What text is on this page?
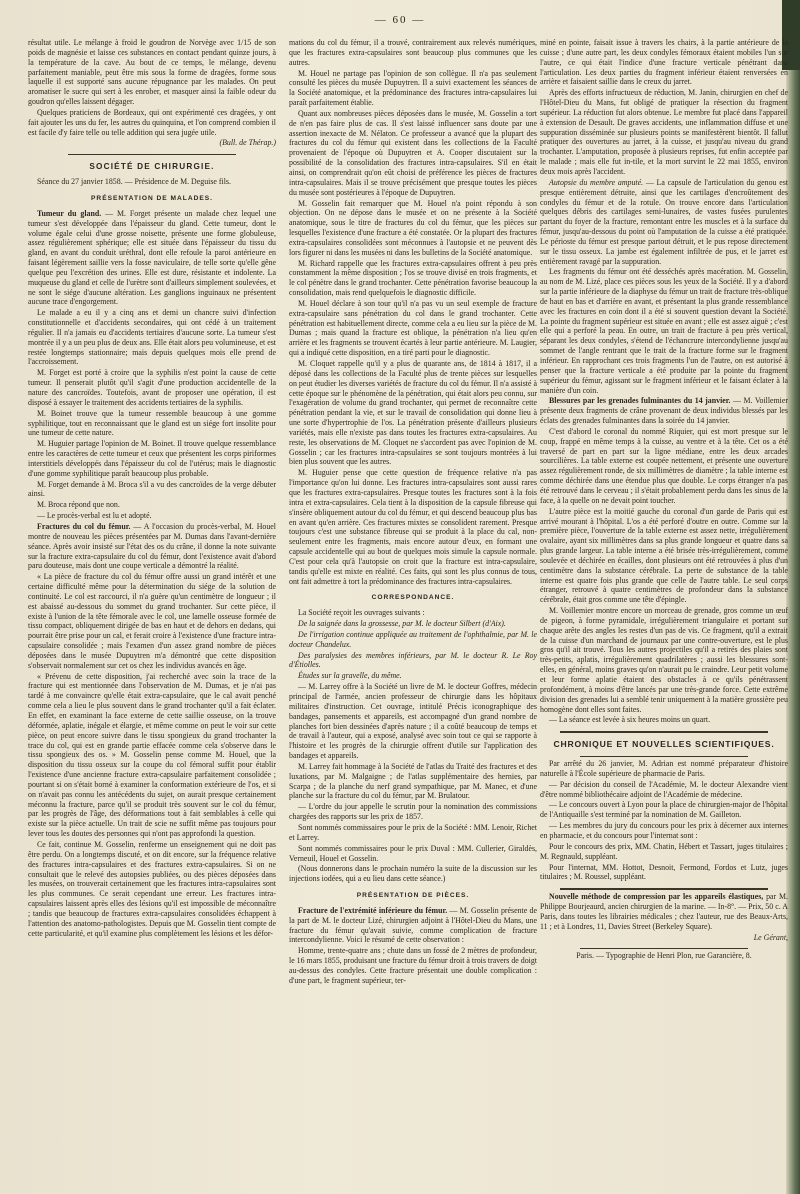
— 60 —

résultat utile. Le mélange à froid le goudron de Norvège avec 1/15 de son poids de magnésie et laisse ces substances en contact pendant quinze jours, à la température de la cave. Au bout de ce temps, le mélange, devenu parfaitement maniable, peut être mis sous la forme de dragées, forme sous laquelle il est supporté sans aucune répugnance par les malades. On peut aromatiser le sucre qui sert à les enrober, et masquer ainsi la faible odeur du goudron qu'elles laissent dégager.

Quelques praticiens de Bordeaux, qui ont expérimenté ces dragées, y ont fait ajouter les uns du fer, les autres du quinquina, et l'on comprend combien il est facile d'y faire telle ou telle addition qui sera jugée utile.

(Bull. de Thérap.)

SOCIÉTÉ DE CHIRURGIE.

Séance du 27 janvier 1858. — Présidence de M. Deguise fils.

PRÉSENTATION DE MALADES.

Tumeur du gland. — M. Forget présente un malade chez lequel une tumeur s'est développée dans l'épaisseur du gland. Cette tumeur, dont le volume égale celui d'une grosse noisette, présente une forme globuleuse, assez régulièrement sphérique; elle est située dans l'épaisseur du tissu du gland, en avant du conduit uréthral, dont elle refoule la paroi antérieure en faisant légèrement saillie vers la fosse naviculaire, de telle sorte qu'elle gêne quelque peu l'excrétion des urines. Elle est dure, résistante et indolente. La muqueuse du gland et celle de l'urètre sont d'ailleurs simplement soulevées, et ne sont le siége d'aucune altération. Les ganglions inguinaux ne présentent aucune trace d'engorgement.

Le malade a eu il y a cinq ans et demi un chancre suivi d'infection constitutionnelle et d'accidents secondaires, qui ont cédé à un traitement régulier. Il n'a jamais eu d'accidents tertiaires d'aucune sorte. La tumeur s'est montrée il y a un peu plus de deux ans. Elle était alors peu volumineuse, et est restée longtemps stationnaire; mais depuis quelques mois elle prend de l'accroissement.

M. Forget est porté à croire que la syphilis n'est point la cause de cette tumeur. Il penserait plutôt qu'il s'agit d'une production accidentelle de la nature des cancroïdes. Toutefois, avant de proposer une opération, il est disposé à essayer le traitement des accidents tertiaires de la syphilis.

M. Boinet trouve que la tumeur ressemble beaucoup à une gomme syphilitique, tout en reconnaissant que le gland est un siége fort insolite pour une tumeur de cette nature.

M. Huguier partage l'opinion de M. Boinet. Il trouve quelque ressemblance entre les caractères de cette tumeur et ceux que présentent les corps piriformes interstitiels développés dans l'épaisseur du col de l'utérus; mais le diagnostic d'une gomme syphilitique paraît beaucoup plus probable.

M. Forget demande à M. Broca s'il a vu des cancroïdes de la verge débuter ainsi.

M. Broca répond que non.

— Le procès-verbal est lu et adopté.

Fractures du col du fémur. — A l'occasion du procès-verbal, M. Houel montre de nouveau les pièces présentées par M. Dumas dans l'avant-dernière séance. Après avoir insisté sur l'état des os du crâne, il donne la note suivante sur la fracture extra-capsulaire du col du fémur, dont l'existence avait d'abord paru douteuse, mais dont une coupe verticale a démontré la réalité.

« La pièce de fracture du col du fémur offre aussi un grand intérêt et une certaine difficulté même pour la détermination du siége de la solution de continuité. Le col est raccourci, il n'a guère qu'un centimètre de longueur ; il est abaissé au-dessous du sommet du grand trochanter. Sur cette pièce, il existe à l'union de la tête fémorale avec le col, une lamelle osseuse formée de tissu compact, obliquement dirigée de bas en haut et de dehors en dedans, qui pourrait être prise pour un cal, et ferait croire à l'existence d'une fracture intra-capsulaire consolidée ; mais l'examen d'un assez grand nombre de pièces déposées dans le musée Dupuytren m'a démontré que cette disposition s'observait normalement sur cet os chez les individus avancés en âge.

« Prévenu de cette disposition, j'ai recherché avec soin la trace de la fracture qui est mentionnée dans l'observation de M. Dumas, et je n'ai pas tardé à me convaincre qu'elle était extra-capsulaire, que le cal avait penché comme cela a lieu le plus souvent dans le grand trochanter qu'il a fait éclater. En effet, en examinant la face externe de cette saillie osseuse, on la trouve déformée, aplatie, inégale et élargie, et même comme on peut le voir sur cette pièce, on peut encore suivre dans le tissu spongieux du grand trochanter la trace du col, qui est en grande partie effacée comme cela s'observe dans le tissu spongieux des os. » M. Gosselin pense comme M. Houel, que la disposition du tissu osseux sur la coupe du col fémoral suffit pour établir l'existence d'une ancienne fracture extra-capsulaire parfaitement consolidée ; pourtant si on s'était borné à examiner la conformation extérieure de l'os, et si on n'avait pas connu les antécédents du sujet, on aurait presque certainement méconnu la fracture, parce qu'il se produit très souvent sur le col du fémur, par les progrès de l'âge, des déformations tout à fait semblables à celle qui existe sur la pièce actuelle. Un trait de scie ne suffit même pas toujours pour lever tous les doutes des personnes qui n'ont pas approfondi la question.

Ce fait, continue M. Gosselin, renferme un enseignement qui ne doit pas être perdu. On a longtemps discuté, et on dit encore, sur la fréquence relative des fractures intra-capsulaires et des fractures extra-capsulaires. Si on ne consultait que le relevé des autopsies publiées, ou des pièces déposées dans les musées, on trouverait certainement que les fractures intra-capsulaires sont les plus communes. Ce serait cependant une erreur. Les fractures intra-capsulaires laissent après elles des lésions qu'il est impossible de méconnaître ; tandis que beaucoup de fractures extra-capsulaires consolidées échappent à l'attention des anatomo-pathologistes. Depuis que M. Gosselin tient compte de cette particularité, et qu'il examine plus complètement les lésions et les défor-

mations du col du fémur, il a trouvé, contrairement aux relevés numériques, que les fractures extra-capsulaires sont beaucoup plus communes que les autres.

M. Houel ne partage pas l'opinion de son collègue. Il n'a pas seulement consulté les pièces du musée Dupuytren. Il a suivi exactement les séances de la Société anatomique, et la prédominance des fractures intra-capsulaires lui paraît parfaitement établie.

Quant aux nombreuses pièces déposées dans le musée, M. Gosselin a tort de n'en pas faire plus de cas. Il s'est laissé influencer sans doute par une assertion inexacte de M. Nélaton. Ce professeur a avancé que la plupart des fractures du col du fémur qui existent dans les collections de la Faculté provenaient de l'époque où Dupuytren et A. Cooper discutaient sur la possibilité de la consolidation des fractures intra-capsulaires. S'il en était ainsi, on comprendrait qu'on eût choisi de préférence les pièces de fractures intra-capsulaires. Mais il se trouve précisément que presque toutes les pièces du musée sont postérieures à l'époque de Dupuytren.

M. Gosselin fait remarquer que M. Houel n'a point répondu à son objection. On ne dépose dans le musée et on ne présente à la Société anatomique, sous le titre de fractures du col du fémur, que les pièces sur lesquelles l'existence d'une fracture a été constatée. Or la plupart des fractures extra-capsulaires consolidées sont méconnues à l'autopsie et ne peuvent dès lors figurer ni dans les musées ni dans les bulletins de la Société anatomique.

M. Richard rappelle que les fractures extra-capsulaires offrent à peu près constamment la même disposition ; l'os se trouve divisé en trois fragments, et le col pénètre dans le grand trochanter. Cette pénétration favorise beaucoup la consolidation, mais rend quelquefois le diagnostic difficile.

M. Houel déclare à son tour qu'il n'a pas vu un seul exemple de fracture extra-capsulaire sans pénétration du col dans le grand trochanter. Cette pénétration est habituellement directe, comme cela a eu lieu sur la pièce de M. Dumas ; mais quand la fracture est oblique, la pénétration n'a lieu qu'en arrière et les fragments se trouvent écartés à leur partie antérieure. M. Laugier, qui a indiqué cette disposition, en a tiré parti pour le diagnostic.

M. Cloquet rappelle qu'il y a plus de quarante ans, de 1814 à 1817, il a déposé dans les collections de la Faculté plus de trente pièces sur lesquelles on peut étudier les diverses variétés de fracture du col du fémur. Il n'a assisté à cette époque sur le phénomène de la pénétration, qui était alors peu connu, sur l'exagération de volume du grand trochanter, qui permet de reconnaître cette pénétration pendant la vie, et sur le travail de consolidation qui donne lieu à une sorte d'hypertrophie de l'os. La pénétration présente d'ailleurs plusieurs variétés, mais elle n'existe pas dans toutes les fractures extra-capsulaires. Au reste, les observations de M. Cloquet ne s'accordent pas avec l'opinion de M. Gosselin ; car les fractures intra-capsulaires se sont toujours montrées à lui bien plus souvent que les autres.

M. Huguier pense que cette question de fréquence relative n'a pas l'importance qu'on lui donne. Les fractures intra-capsulaires sont aussi rares que les fractures extra-capsulaires. Presque toutes les fractures sont à la fois intra et extra-capsulaires. Cela tient à la disposition de la capsule fibreuse qui s'insère obliquement autour du col du fémur, et qui descend beaucoup plus bas en avant qu'en arrière. Ces fractures mixtes se consolident rarement. Presque toujours c'est une substance fibreuse qui se produit à la place du cal, non-seulement entre les fragments, mais encore autour d'eux, en formant une capsule accidentelle qui au bout de quelques mois simule la capsule normale. C'est pour cela qu'à l'autopsie on croit que la fracture est intra-capsulaire, tandis qu'elle est mixte en réalité. Ces faits, qui sont les plus connus de tous, ont fait admettre à tort la prédominance des fractures intra-capsulaires.

CORRESPONDANCE.

La Société reçoit les ouvrages suivants :

De la saignée dans la grossesse, par M. le docteur Silbert (d'Aix).

De l'irrigation continue appliquée au traitement de l'ophthalmie, par M. le docteur Chandelux.

Des paralysies des membres inférieurs, par M. le docteur R. Le Roy d'Étiolles.

Études sur la gravelle, du même.

— M. Larrey offre à la Société un livre de M. le docteur Goffres, médecin principal de l'armée, ancien professeur de chirurgie dans les hôpitaux militaires d'instruction. Cet ouvrage, intitulé Précis iconographique des bandages, pansements et appareils, est accompagné d'un grand nombre de planches fort bien dessinées d'après nature ; il a coûté beaucoup de temps et de travail à l'auteur, qui a exposé, analysé avec soin tout ce qui se rapporte à l'histoire et les progrès de la chirurgie offrent d'utile sur l'application des bandages et appareils.

M. Larrey fait hommage à la Société de l'atlas du Traité des fractures et des luxations, par M. Malgaigne ; de l'atlas supplémentaire des hernies, par Scarpa ; de la planche du nerf grand sympathique, par M. Manec, et d'une planche sur la fracture du col du fémur, par M. Brulatour.

— L'ordre du jour appelle le scrutin pour la nomination des commissions chargées des rapports sur les prix de 1857.

Sont nommés commissaires pour le prix de la Société : MM. Lenoir, Richet et Larrey.

Sont nommés commissaires pour le prix Duval : MM. Cullerier, Giraldès, Verneuil, Houel et Gosselin.

(Nous donnerons dans le prochain numéro la suite de la discussion sur les injections iodées, qui a eu lieu dans cette séance.)

PRÉSENTATION DE PIÈCES.

Fracture de l'extrémité inférieure du fémur. — M. Gosselin présente de la part de M. le docteur Lizé, chirurgien adjoint à l'Hôtel-Dieu du Mans, une fracture du fémur qu'avait suivie, comme complication de fracture intercondylienne. Voici le résumé de cette observation :

Homme, trente-quatre ans ; chute dans un fossé de 2 mètres de profondeur, le 16 mars 1855, produisant une fracture du fémur droit à trois travers de doigt au-dessus des condyles. Cette fracture présentait une double complication : d'une part, le fragment supérieur, ter-

miné en pointe, faisait issue à travers les chairs, à la partie antérieure de la cuisse ; d'une autre part, les deux condyles fémoraux étaient mobiles l'un sur l'autre, ce qui était l'indice d'une fracture verticale pénétrant dans l'articulation. Les deux parties du fragment inférieur étaient renversées en arrière et faisaient saillie dans le creux du jarret.

Après des efforts infructueux de réduction, M. Janin, chirurgien en chef de l'Hôtel-Dieu du Mans, fut obligé de pratiquer la résection du fragment supérieur. La réduction fut alors obtenue. Le membre fut placé dans l'appareil à extension de Desault. De graves accidents, une inflammation diffuse et une suppuration disséminée sur plusieurs points se manifestèrent bientôt. Il fallut pratiquer des ouvertures au jarret, à la cuisse, et jusqu'au niveau du grand trochanter. L'amputation, proposée à plusieurs reprises, fut enfin acceptée par le malade ; mais elle fut in-tile, et la mort survint le 22 mai 1855, environ deux mois après l'accident.

Autopsie du membre amputé. — La capsule de l'articulation du genou est presque entièrement détruite, ainsi que les cartilages d'encroûtement des condyles du fémur et de la rotule. On trouve encore dans l'articulation quelques débris des cartilages semi-lunaires, de vastes fusées purulentes partant du foyer de la fracture, remontant entre les muscles et à la surface du fémur, jusqu'au-dessous du point où l'amputation de la cuisse a été pratiquée. Le périoste du fémur est presque partout détruit, et le pus repose directement sur le tissu osseux. La jambe est également infiltrée de pus, et le jarret est entièrement ravagé par la suppuration.

Les fragments du fémur ont été desséchés après macération. M. Gosselin, au nom de M. Lizé, place ces pièces sous les yeux de la Société. Il y a d'abord sur la partie inférieure de la diaphyse du fémur un trait de fracture très-oblique de haut en bas et d'arrière en avant, et présentant la plus grande ressemblance avec les fractures en coin dont il a été si souvent question devant la Société. La pointe du fragment supérieur est située en avant ; elle est assez aiguë ; c'est elle qui a perforé la peau. En outre, un trait de fracture à peu près vertical, séparant les deux condyles, s'étend de l'échancrure intercondylienne jusqu'au sommet de l'angle rentrant que le trait de la fracture forme sur le fragment inférieur. En rapprochant ces trois fragments l'un de l'autre, on est autorisé à penser que la fracture verticale a été produite par la pointe du fragment supérieur du fémur, agissant sur le fragment inférieur et le faisant éclater à la manière d'un coin.

Blessures par les grenades fulminantes du 14 janvier. — M. Voillemier présente deux fragments de crâne provenant de deux individus blessés par les éclats des grenades fulminantes dans la soirée du 14 janvier.

C'est d'abord le coronal du nommé Riquier, qui est mort presque sur le coup, frappé en même temps à la cuisse, au ventre et à la tête. Cet os a été traversé de part en part sur la ligne médiane, entre les deux arcades sourcilières. La table externe est coupée nettement, et présente une ouverture assez régulièrement ronde, de six millimètres de diamètre ; la table interne est comme déchirée dans une étendue plus que double. Le corps étranger n'a pas été retrouvé dans le cerveau ; il s'était probablement perdu dans les sinus de la face, à la quelle on ne devait point toucher.

L'autre pièce est la moitié gauche du coronal d'un garde de Paris qui est arrivé mourant à l'hôpital. L'os a été perforé d'outre en outre. Comme sur la première pièce, l'ouverture de la table externe est assez nette, irrégulièrement ovalaire, ayant six millimètres dans sa plus grande longueur et quatre dans sa plus grande largeur. La table interne a été brisée très-irrégulièrement, comme soulevée et déchirée en écailles, dont plusieurs ont été retrouvées à plus d'un centimètre dans la substance cérébrale. La perte de substance de la table interne est quatre fois plus grande que celle de l'autre table. Le seul corps étranger, retrouvé à quatre centimètres de profondeur dans la substance cérébrale, était gros comme une tête d'épingle.

M. Voillemier montre encore un morceau de grenade, gros comme un œuf de pigeon, à forme pyramidale, irrégulièrement triangulaire et portant sur chaque arête des angles les restes d'un pas de vis. Ce fragment, qu'il a extrait de la cuisse d'un marchand de journaux par une contre-ouverture, est le plus gros qu'il ait trouvé. Tous les autres projectiles qu'il a retirés des plaies sont très-petits, aplatis, irrégulièrement quadrilatères ; aussi les blessures sont-elles, en général, moins graves qu'on n'aurait pu le craindre. Leur petit volume et leur forme aplatie étaient des obstacles à ce qu'ils pénétrassent profondément, à moins d'être lancés par une très-grande force. Cette extrême division des grenades lui a semblé tenir uniquement à la matière grossière peu homogène dont elles sont faites.

— La séance est levée à six heures moins un quart.

CHRONIQUE ET NOUVELLES SCIENTIFIQUES.

Par arrêté du 26 janvier, M. Adrian est nommé préparateur d'histoire naturelle à l'École supérieure de pharmacie de Paris.

— Par décision du conseil de l'Académie, M. le docteur Alexandre vient d'être nommé bibliothécaire adjoint de l'Académie de médecine.

— Le concours ouvert à Lyon pour la place de chirurgien-major de l'hôpital de l'Antiquaille s'est terminé par la nomination de M. Gailleton.

— Les membres du jury du concours pour les prix à décerner aux internes en pharmacie, et du concours pour l'internat sont :

Pour le concours des prix, MM. Chatin, Hébert et Tassart, juges titulaires ; M. Regnauld, suppléant.

Pour l'internat, MM. Hottot, Desnoit, Fermond, Fordos et Lutz, juges titulaires ; M. Roussel, suppléant.

Nouvelle méthode de compression par les appareils élastiques, par M. Philippe Bourjeaurd, ancien chirurgien de la marine. — In-8°. — Prix, 50 c. A Paris, dans toutes les librairies médicales ; chez l'auteur, rue des Beaux-Arts, 11 ; et à Londres, 11, Davies Street (Berkeley Square).

Le Gérant,

Paris. — Typographie de Henri Plon, rue Garancière, 8.
